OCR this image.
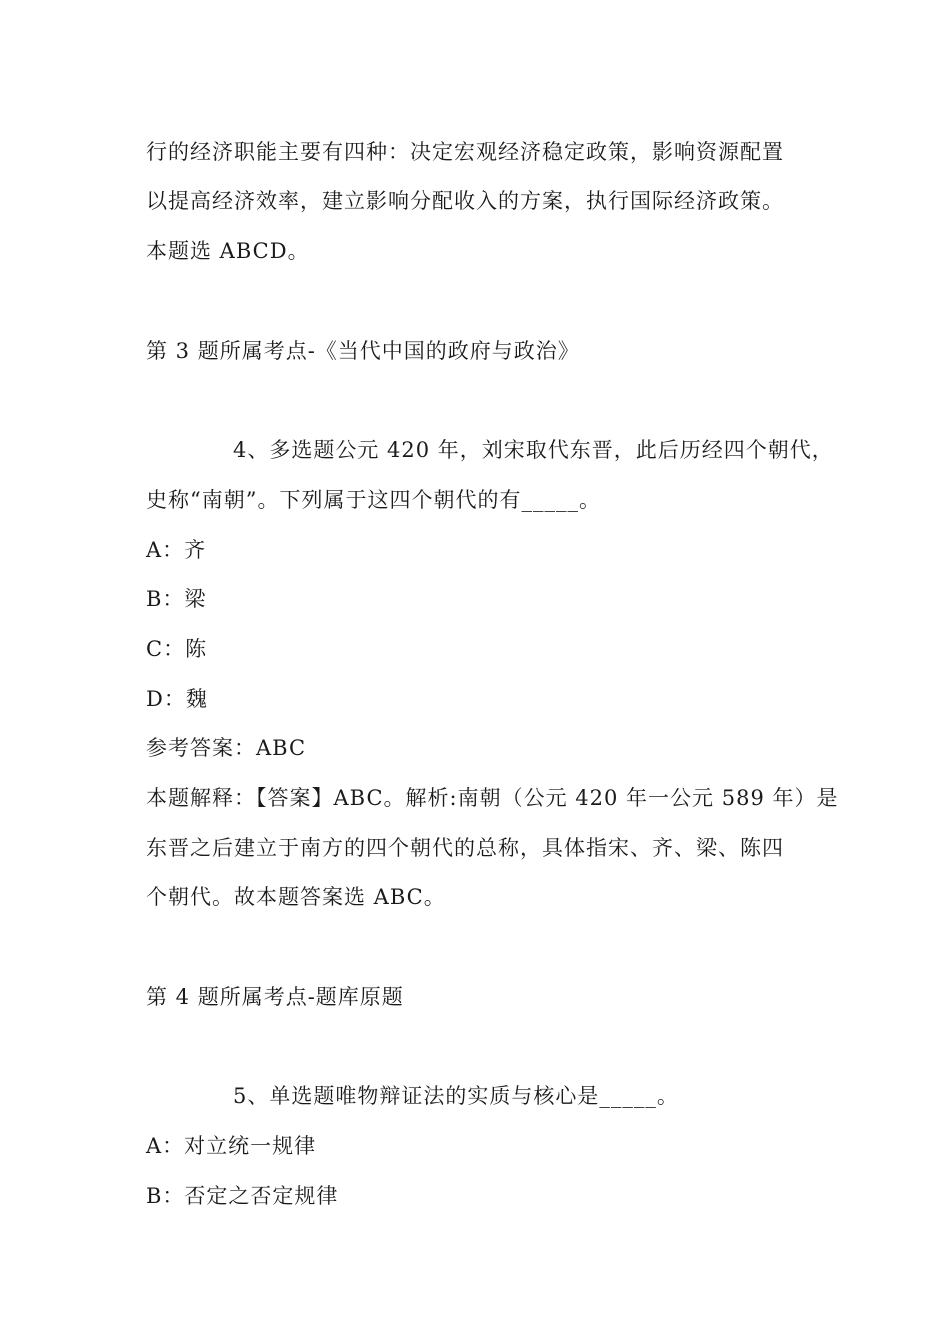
行的经济职能主要有四种：决定宏观经济稳定政策，影响资源配置
以提高经济效率，建立影响分配收入的方案，执行国际经济政策。
本题选 ABCD。
第 3 题所属考点-《当代中国的政府与政治》
4、多选题公元 420 年，刘宋取代东晋，此后历经四个朝代，
史称“南朝”。下列属于这四个朝代的有_____。
A：齐
B：梁
C：陈
D：魏
参考答案：ABC
本题解释：【答案】ABC。解析:南朝（公元 420 年一公元 589 年）是
东晋之后建立于南方的四个朝代的总称，具体指宋、齐、梁、陈四
个朝代。故本题答案选 ABC。
第 4 题所属考点-题库原题
5、单选题唯物辩证法的实质与核心是_____。
A：对立统一规律
B：否定之否定规律
